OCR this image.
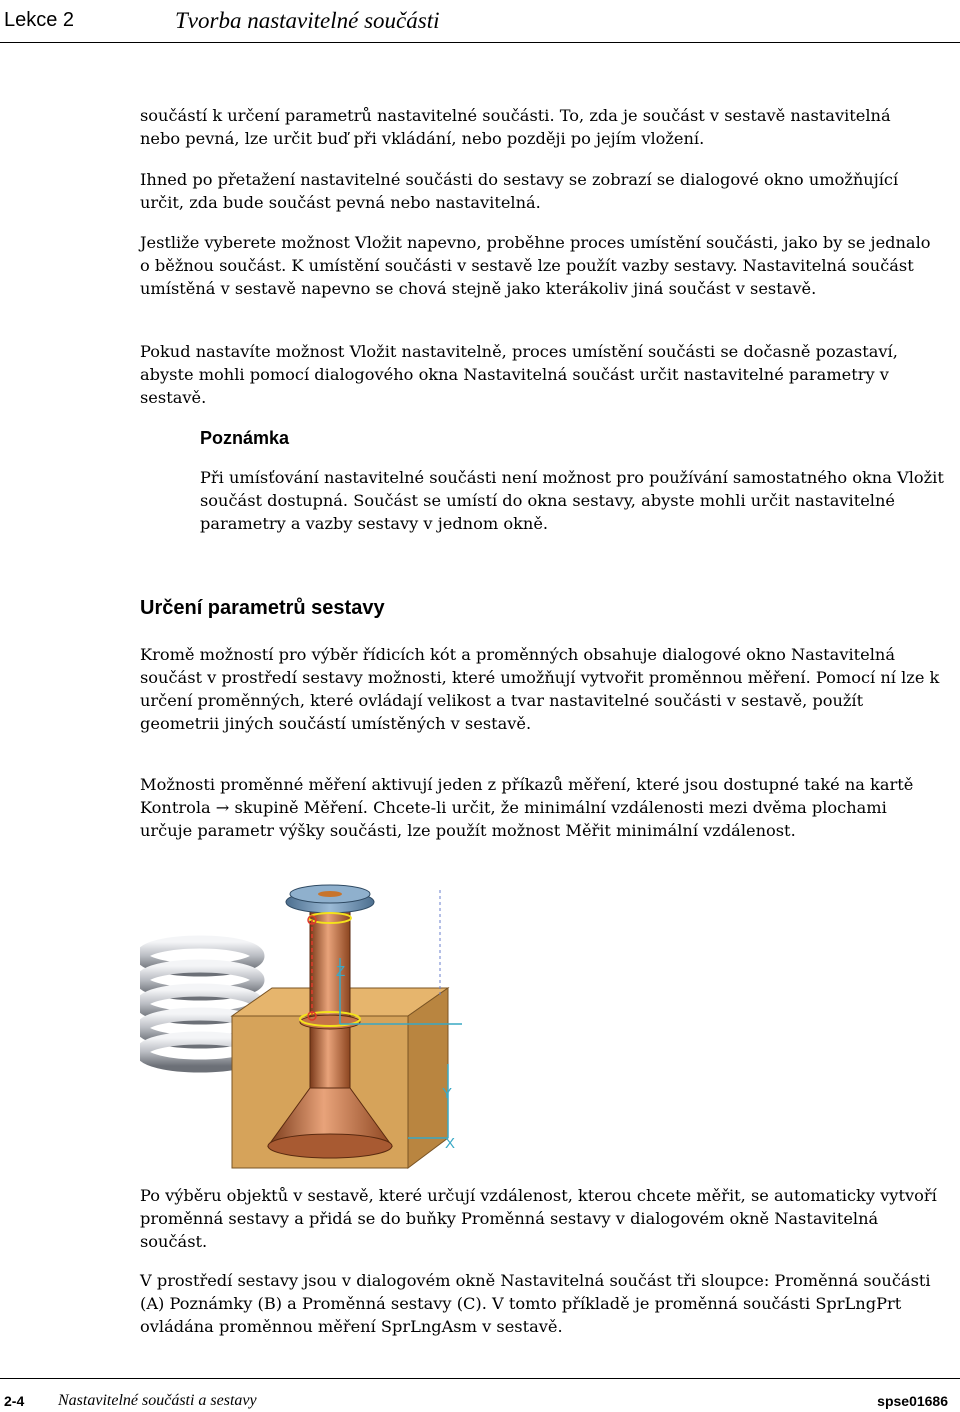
Lekce 2	Tvorba nastavitelné součásti

součástí k určení parametrů nastavitelné součásti. To, zda je součást v sestavě nastavitelná nebo pevná, lze určit buď při vkládání, nebo později po jejím vložení.

Ihned po přetažení nastavitelné součásti do sestavy se zobrazí se dialogové okno umožňující určit, zda bude součást pevná nebo nastavitelná.

Jestliže vyberete možnost Vložit napevno, proběhne proces umístění součásti, jako by se jednalo o běžnou součást. K umístění součásti v sestavě lze použít vazby sestavy. Nastavitelná součást umístěná v sestavě napevno se chová stejně jako kterákoliv jiná součást v sestavě.

Pokud nastavíte možnost Vložit nastavitelně, proces umístění součásti se dočasně pozastaví, abyste mohli pomocí dialogového okna Nastavitelná součást určit nastavitelné parametry v sestavě.

Poznámka

Při umísťování nastavitelné součásti není možnost pro používání samostatného okna Vložit součást dostupná. Součást se umístí do okna sestavy, abyste mohli určit nastavitelné parametry a vazby sestavy v jednom okně.

Určení parametrů sestavy

Kromě možností pro výběr řídicích kót a proměnných obsahuje dialogové okno Nastavitelná součást v prostředí sestavy možnosti, které umožňují vytvořit proměnnou měření. Pomocí ní lze k určení proměnných, které ovládají velikost a tvar nastavitelné součásti v sestavě, použít geometrii jiných součástí umístěných v sestavě.

Možnosti proměnné měření aktivují jeden z příkazů měření, které jsou dostupné také na kartě Kontrola → skupině Měření. Chcete-li určit, že minimální vzdálenosti mezi dvěma plochami určuje parametr výšky součásti, lze použít možnost Měřit minimální vzdálenost.

Z
Y
X

Po výběru objektů v sestavě, které určují vzdálenost, kterou chcete měřit, se automaticky vytvoří proměnná sestavy a přidá se do buňky Proměnná sestavy v dialogovém okně Nastavitelná součást.

V prostředí sestavy jsou v dialogovém okně Nastavitelná součást tři sloupce: Proměnná součásti (A) Poznámky (B) a Proměnná sestavy (C). V tomto příkladě je proměnná součásti SprLngPrt ovládána proměnnou měření SprLngAsm v sestavě.

2-4 Nastavitelné součásti a sestavy	spse01686
